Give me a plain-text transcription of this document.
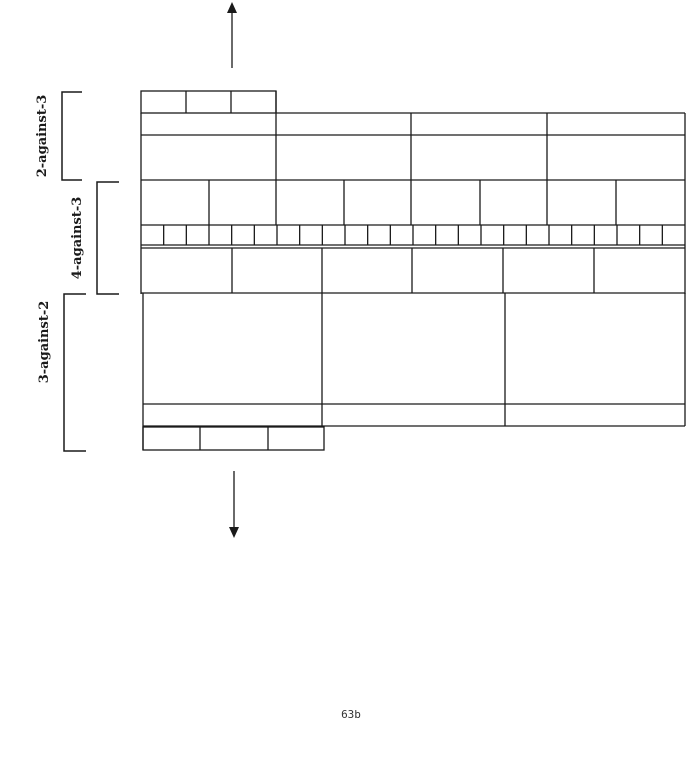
2-against-3
4-against-3
3-against-2
63b
